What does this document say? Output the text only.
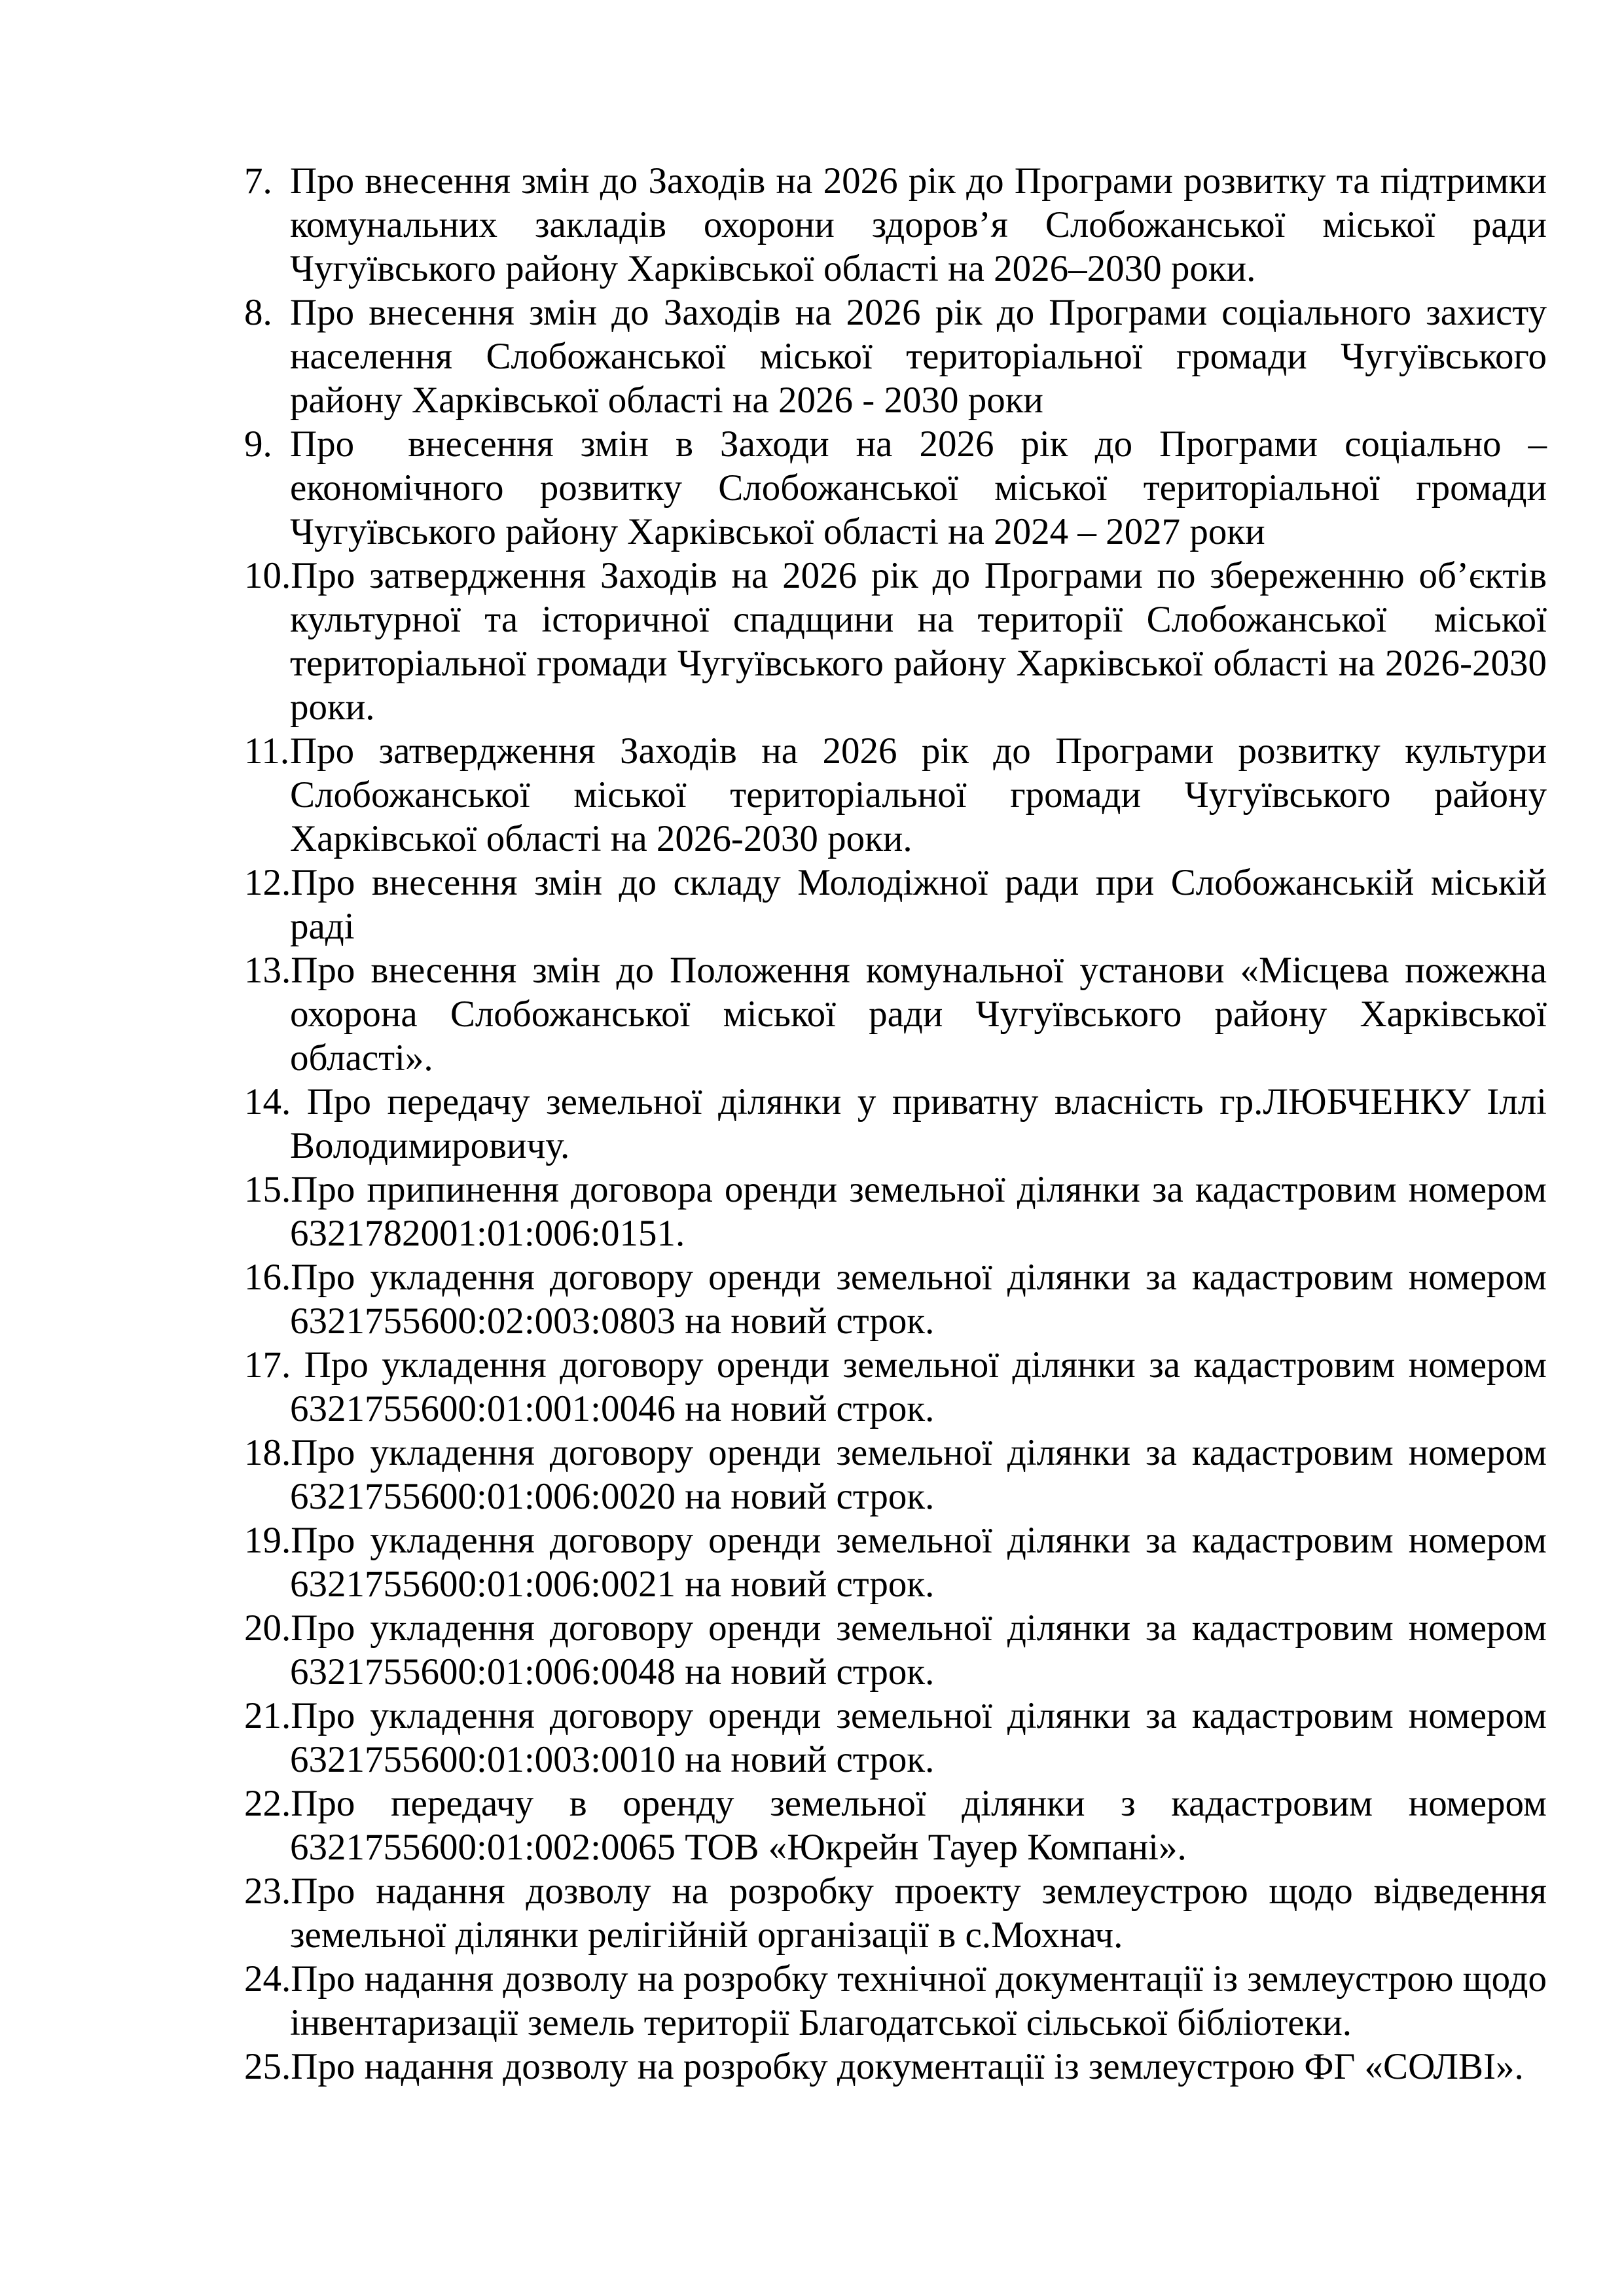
7. Про внесення змін до Заходів на 2026 рік до Програми розвитку та підтримки комунальних закладів охорони здоров’я Слобожанської міської ради Чугуївського району Харківської області на 2026–2030 роки.

8. Про внесення змін до Заходів на 2026 рік до Програми соціального захисту населення Слобожанської міської територіальної громади Чугуївського району Харківської області на 2026 - 2030 роки

9. Про  внесення змін в Заходи на 2026 рік до Програми соціально – економічного розвитку Слобожанської міської територіальної громади Чугуївського району Харківської області на 2024 – 2027 роки

10.Про затвердження Заходів на 2026 рік до Програми по збереженню об’єктів культурної та історичної спадщини на території Слобожанської  міської територіальної громади Чугуївського району Харківської області на 2026-2030 роки.

11.Про затвердження Заходів на 2026 рік до Програми розвитку культури Слобожанської міської територіальної громади Чугуївського району Харківської області на 2026-2030 роки.

12.Про внесення змін до складу Молодіжної ради при Слобожанській міській раді

13.Про внесення змін до Положення комунальної установи «Місцева пожежна охорона Слобожанської міської ради Чугуївського району Харківської області».

14. Про передачу земельної ділянки у приватну власність гр.ЛЮБЧЕНКУ Іллі Володимировичу.

15.Про припинення договора оренди земельної ділянки за кадастровим номером 6321782001:01:006:0151.

16.Про укладення договору оренди земельної ділянки за кадастровим номером 6321755600:02:003:0803 на новий строк.

17. Про укладення договору оренди земельної ділянки за кадастровим номером 6321755600:01:001:0046 на новий строк.

18.Про укладення договору оренди земельної ділянки за кадастровим номером 6321755600:01:006:0020 на новий строк.

19.Про укладення договору оренди земельної ділянки за кадастровим номером 6321755600:01:006:0021 на новий строк.

20.Про укладення договору оренди земельної ділянки за кадастровим номером 6321755600:01:006:0048 на новий строк.

21.Про укладення договору оренди земельної ділянки за кадастровим номером 6321755600:01:003:0010 на новий строк.

22.Про передачу в оренду земельної ділянки з кадастровим номером 6321755600:01:002:0065 ТОВ «Юкрейн Тауер Компані».

23.Про надання дозволу на розробку проекту землеустрою щодо відведення земельної ділянки релігійній організації в с.Мохнач.

24.Про надання дозволу на розробку технічної документації із землеустрою щодо інвентаризації земель території Благодатської сільської бібліотеки.

25.Про надання дозволу на розробку документації із землеустрою ФГ «СОЛВІ».
